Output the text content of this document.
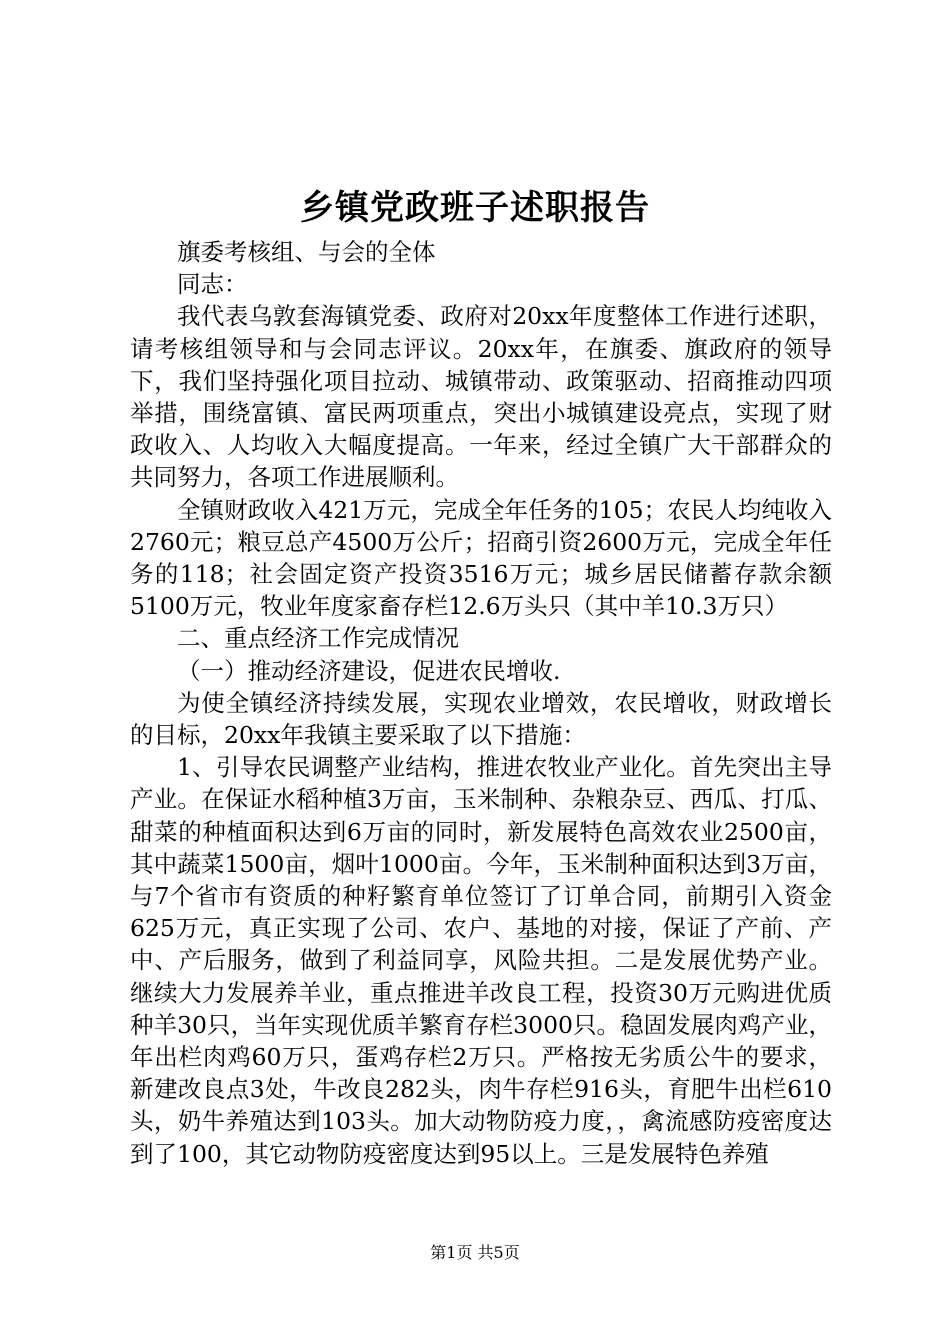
乡镇党政班子述职报告

旗委考核组、与会的全体

同志：

我代表乌敦套海镇党委、政府对20xx年度整体工作进行述职，请考核组领导和与会同志评议。20xx年，在旗委、旗政府的领导下，我们坚持强化项目拉动、城镇带动、政策驱动、招商推动四项举措，围绕富镇、富民两项重点，突出小城镇建设亮点，实现了财政收入、人均收入大幅度提高。一年来，经过全镇广大干部群众的共同努力，各项工作进展顺利。

全镇财政收入421万元，完成全年任务的105；农民人均纯收入2760元；粮豆总产4500万公斤；招商引资2600万元，完成全年任务的118；社会固定资产投资3516万元；城乡居民储蓄存款余额5100万元，牧业年度家畜存栏12.6万头只（其中羊10.3万只）

二、重点经济工作完成情况

（一）推动经济建设，促进农民增收.

为使全镇经济持续发展，实现农业增效，农民增收，财政增长的目标，20xx年我镇主要采取了以下措施：

1、引导农民调整产业结构，推进农牧业产业化。首先突出主导产业。在保证水稻种植3万亩，玉米制种、杂粮杂豆、西瓜、打瓜、甜菜的种植面积达到6万亩的同时，新发展特色高效农业2500亩，其中蔬菜1500亩，烟叶1000亩。今年，玉米制种面积达到3万亩，与7个省市有资质的种籽繁育单位签订了订单合同，前期引入资金625万元，真正实现了公司、农户、基地的对接，保证了产前、产中、产后服务，做到了利益同享，风险共担。二是发展优势产业。继续大力发展养羊业，重点推进羊改良工程，投资30万元购进优质种羊30只，当年实现优质羊繁育存栏3000只。稳固发展肉鸡产业，年出栏肉鸡60万只，蛋鸡存栏2万只。严格按无劣质公牛的要求，新建改良点3处，牛改良282头，肉牛存栏916头，育肥牛出栏610头，奶牛养殖达到103头。加大动物防疫力度，，禽流感防疫密度达到了100，其它动物防疫密度达到95以上。三是发展特色养殖

第1页 共5页
